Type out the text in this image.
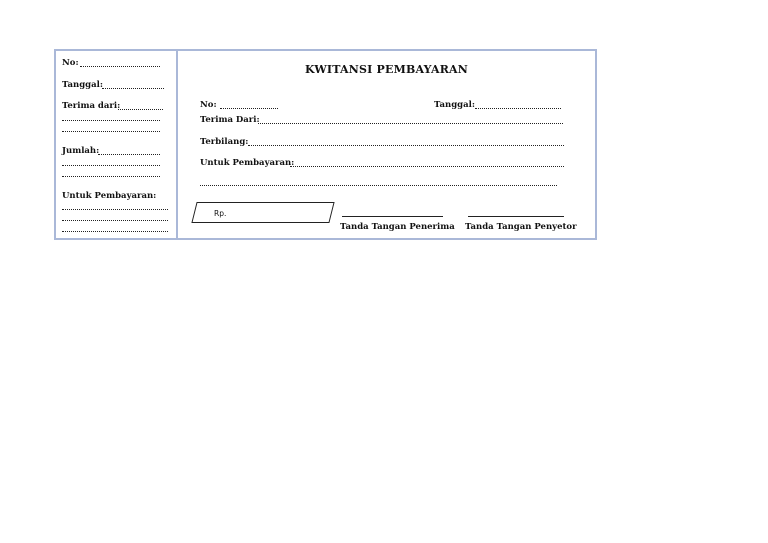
No:
Tanggal:
Terima dari:
Jumlah:
Untuk Pembayaran:
KWITANSI PEMBAYARAN
No:	Tanggal:
Terima Dari:
Terbilang:
Untuk Pembayaran:
Rp.
Tanda Tangan Penerima Tanda Tangan Penyetor
